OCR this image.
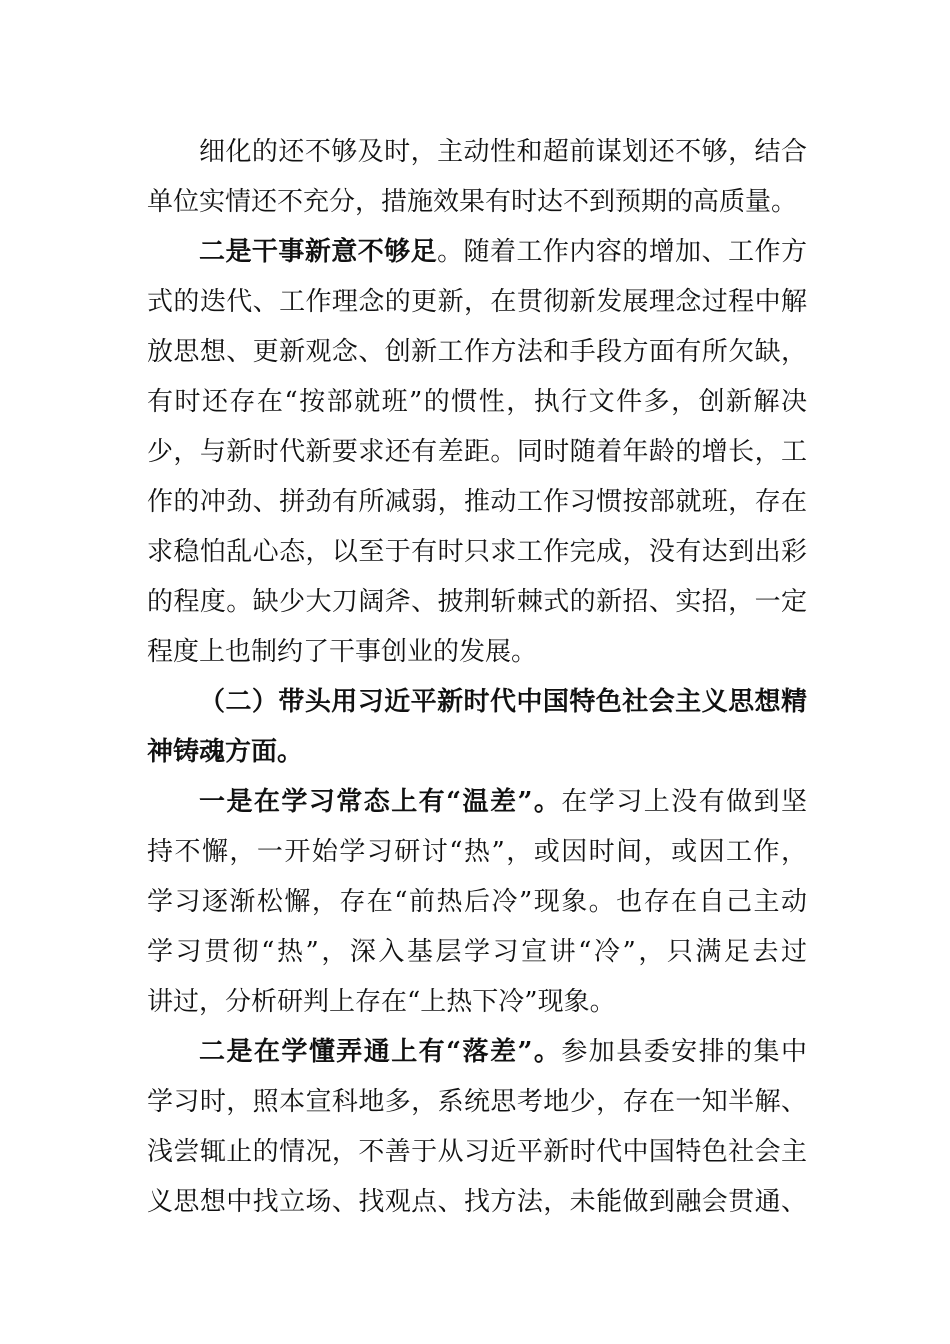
细化的还不够及时，主动性和超前谋划还不够，结合
单位实情还不充分，措施效果有时达不到预期的高质量。
二是干事新意不够足。随着工作内容的增加、工作方
式的迭代、工作理念的更新，在贯彻新发展理念过程中解
放思想、更新观念、创新工作方法和手段方面有所欠缺，
有时还存在“按部就班”的惯性，执行文件多，创新解决
少，与新时代新要求还有差距。同时随着年龄的增长，工
作的冲劲、拼劲有所减弱，推动工作习惯按部就班，存在
求稳怕乱心态，以至于有时只求工作完成，没有达到出彩
的程度。缺少大刀阔斧、披荆斩棘式的新招、实招，一定
程度上也制约了干事创业的发展。
（二）带头用习近平新时代中国特色社会主义思想精
神铸魂方面。
一是在学习常态上有“温差”。在学习上没有做到坚
持不懈，一开始学习研讨“热”，或因时间，或因工作，
学习逐渐松懈，存在“前热后冷”现象。也存在自己主动
学习贯彻“热”，深入基层学习宣讲“冷”，只满足去过
讲过，分析研判上存在“上热下冷”现象。
二是在学懂弄通上有“落差”。参加县委安排的集中
学习时，照本宣科地多，系统思考地少，存在一知半解、
浅尝辄止的情况，不善于从习近平新时代中国特色社会主
义思想中找立场、找观点、找方法，未能做到融会贯通、
